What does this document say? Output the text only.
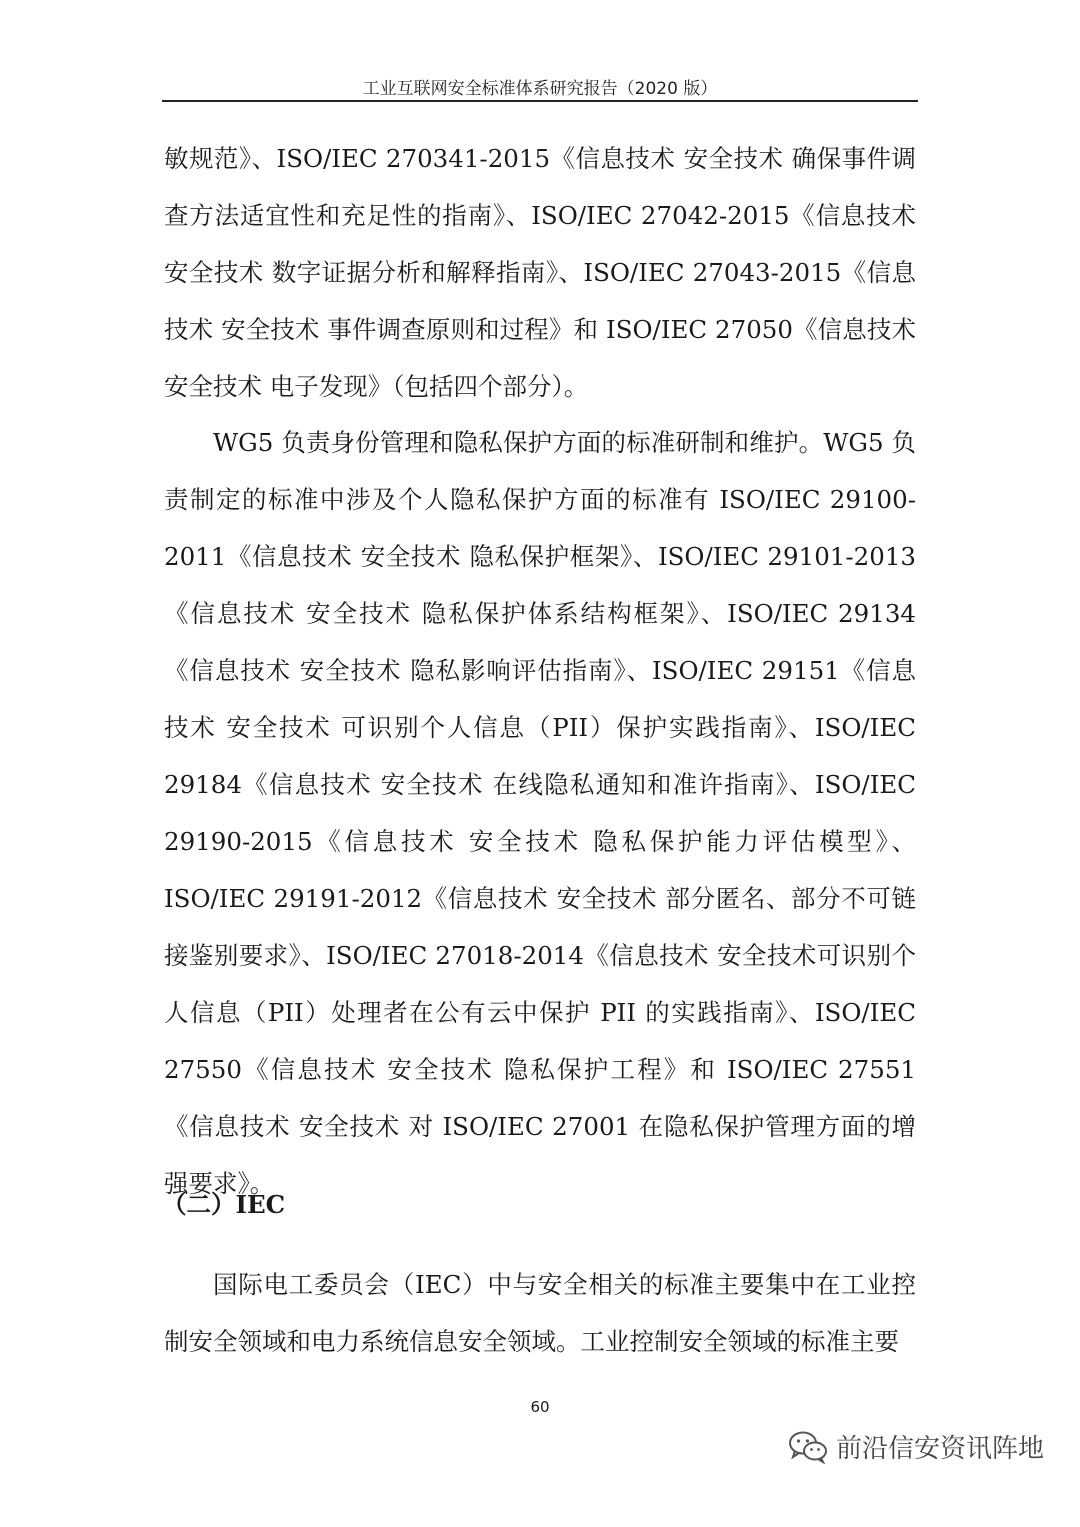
工业互联网安全标准体系研究报告（2020 版）

敏规范》、ISO/IEC 270341-2015《信息技术 安全技术 确保事件调查方法适宜性和充足性的指南》、ISO/IEC 27042-2015《信息技术 安全技术 数字证据分析和解释指南》、ISO/IEC 27043-2015《信息技术 安全技术 事件调查原则和过程》和 ISO/IEC 27050《信息技术 安全技术 电子发现》（包括四个部分）。

WG5 负责身份管理和隐私保护方面的标准研制和维护。WG5 负责制定的标准中涉及个人隐私保护方面的标准有 ISO/IEC 29100-2011《信息技术 安全技术 隐私保护框架》、ISO/IEC 29101-2013《信息技术 安全技术 隐私保护体系结构框架》、ISO/IEC 29134《信息技术 安全技术 隐私影响评估指南》、ISO/IEC 29151《信息技术 安全技术 可识别个人信息（PII）保护实践指南》、ISO/IEC 29184《信息技术 安全技术 在线隐私通知和准许指南》、ISO/IEC 29190-2015《信息技术 安全技术 隐私保护能力评估模型》、ISO/IEC 29191-2012《信息技术 安全技术 部分匿名、部分不可链接鉴别要求》、ISO/IEC 27018-2014《信息技术 安全技术可识别个人信息（PII）处理者在公有云中保护 PII 的实践指南》、ISO/IEC 27550《信息技术 安全技术 隐私保护工程》和 ISO/IEC 27551《信息技术 安全技术 对 ISO/IEC 27001 在隐私保护管理方面的增强要求》。

（二）IEC

国际电工委员会（IEC）中与安全相关的标准主要集中在工业控制安全领域和电力系统信息安全领域。工业控制安全领域的标准主要

60
前沿信安资讯阵地
